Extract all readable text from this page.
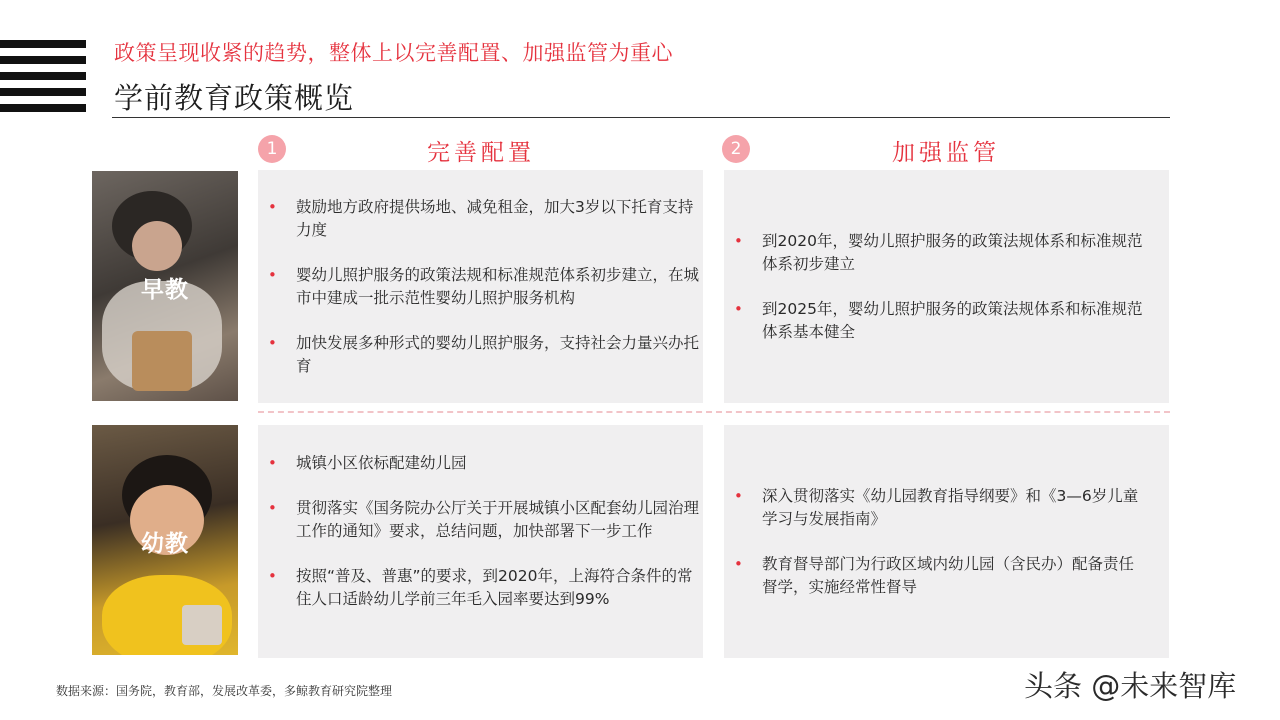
政策呈现收紧的趋势，整体上以完善配置、加强监管为重心
学前教育政策概览
1	完善配置	2	加强监管
早教
• 鼓励地方政府提供场地、减免租金，加大3岁以下托育支持力度
• 婴幼儿照护服务的政策法规和标准规范体系初步建立，在城市中建成一批示范性婴幼儿照护服务机构
• 加快发展多种形式的婴幼儿照护服务，支持社会力量兴办托育
• 到2020年，婴幼儿照护服务的政策法规体系和标准规范体系初步建立
• 到2025年，婴幼儿照护服务的政策法规体系和标准规范体系基本健全
幼教
• 城镇小区依标配建幼儿园
• 贯彻落实《国务院办公厅关于开展城镇小区配套幼儿园治理工作的通知》要求，总结问题，加快部署下一步工作
• 按照“普及、普惠”的要求，到2020年，上海符合条件的常住人口适龄幼儿学前三年毛入园率要达到99%
• 深入贯彻落实《幼儿园教育指导纲要》和《3—6岁儿童学习与发展指南》
• 教育督导部门为行政区域内幼儿园（含民办）配备责任督学，实施经常性督导
数据来源：国务院，教育部，发展改革委，多鲸教育研究院整理	头条 @未来智库
